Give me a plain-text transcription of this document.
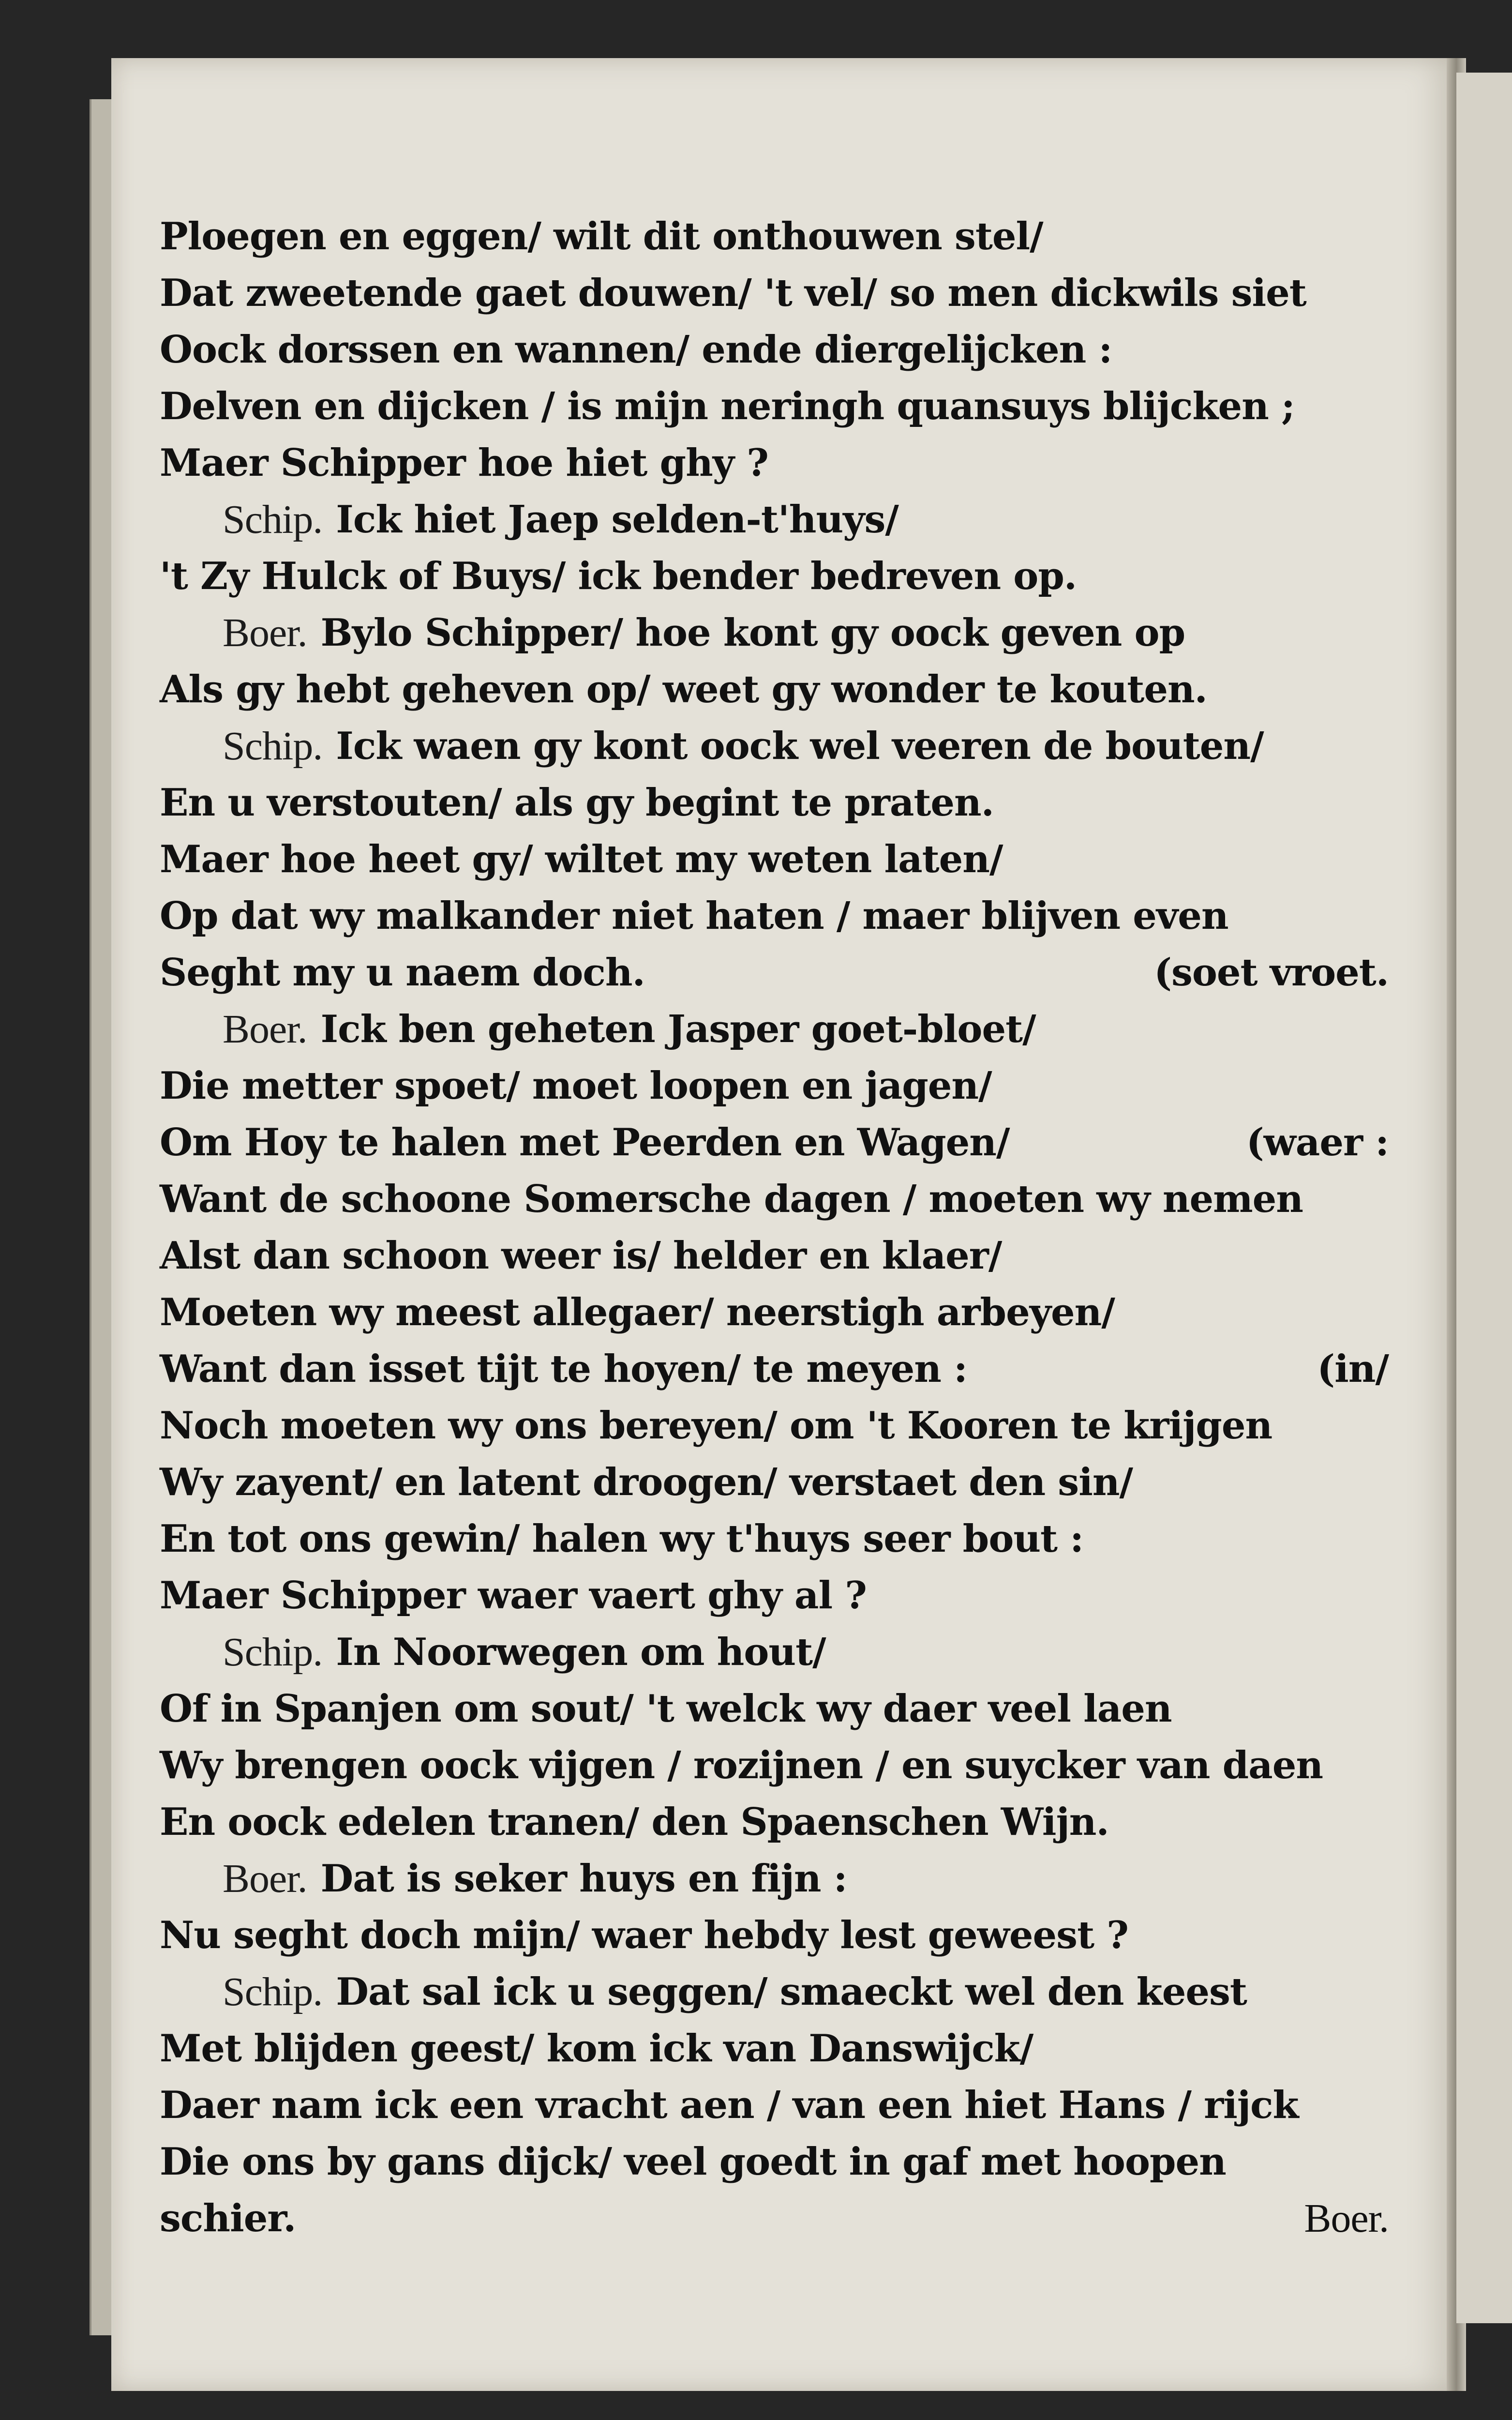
Ploegen en eggen/ wilt dit onthouwen stel/
Dat zweetende gaet douwen/ 't vel/ so men dickwils siet
Oock dorssen en wannen/ ende diergelijcken :
Delven en dijcken / is mijn neringh quansuys blijcken ;
Maer Schipper hoe hiet ghy ?
Schip. Ick hiet Jaep selden-t'huys/
't Zy Hulck of Buys/ ick bender bedreven op.
Boer. Bylo Schipper/ hoe kont gy oock geven op
Als gy hebt geheven op/ weet gy wonder te kouten.
Schip. Ick waen gy kont oock wel veeren de bouten/
En u verstouten/ als gy begint te praten.
Maer hoe heet gy/ wiltet my weten laten/
Op dat wy malkander niet haten / maer blijven even
Seght my u naem doch.	(soet vroet.
Boer. Ick ben geheten Jasper goet-bloet/
Die metter spoet/ moet loopen en jagen/
Om Hoy te halen met Peerden en Wagen/	(waer :
Want de schoone Somersche dagen / moeten wy nemen
Alst dan schoon weer is/ helder en klaer/
Moeten wy meest allegaer/ neerstigh arbeyen/
Want dan isset tijt te hoyen/ te meyen :	(in/
Noch moeten wy ons bereyen/ om 't Kooren te krijgen
Wy zayent/ en latent droogen/ verstaet den sin/
En tot ons gewin/ halen wy t'huys seer bout :
Maer Schipper waer vaert ghy al ?
Schip. In Noorwegen om hout/
Of in Spanjen om sout/ 't welck wy daer veel laen
Wy brengen oock vijgen / rozijnen / en suycker van daen
En oock edelen tranen/ den Spaenschen Wijn.
Boer. Dat is seker huys en fijn :
Nu seght doch mijn/ waer hebdy lest geweest ?
Schip. Dat sal ick u seggen/ smaeckt wel den keest
Met blijden geest/ kom ick van Danswijck/
Daer nam ick een vracht aen / van een hiet Hans / rijck
Die ons by gans dijck/ veel goedt in gaf met hoopen
schier.	Boer.
